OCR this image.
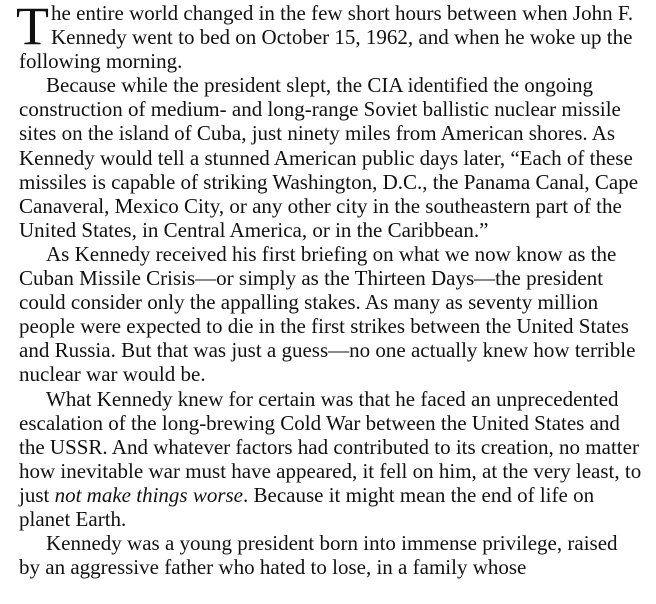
The entire world changed in the few short hours between when John F. Kennedy went to bed on October 15, 1962, and when he woke up the following morning.

Because while the president slept, the CIA identified the ongoing construction of medium- and long-range Soviet ballistic nuclear missile sites on the island of Cuba, just ninety miles from American shores. As Kennedy would tell a stunned American public days later, “Each of these missiles is capable of striking Washington, D.C., the Panama Canal, Cape Canaveral, Mexico City, or any other city in the southeastern part of the United States, in Central America, or in the Caribbean.”

As Kennedy received his first briefing on what we now know as the Cuban Missile Crisis—or simply as the Thirteen Days—the president could consider only the appalling stakes. As many as seventy million people were expected to die in the first strikes between the United States and Russia. But that was just a guess—no one actually knew how terrible nuclear war would be.

What Kennedy knew for certain was that he faced an unprecedented escalation of the long-brewing Cold War between the United States and the USSR. And whatever factors had contributed to its creation, no matter how inevitable war must have appeared, it fell on him, at the very least, to just not make things worse. Because it might mean the end of life on planet Earth.

Kennedy was a young president born into immense privilege, raised by an aggressive father who hated to lose, in a family whose
